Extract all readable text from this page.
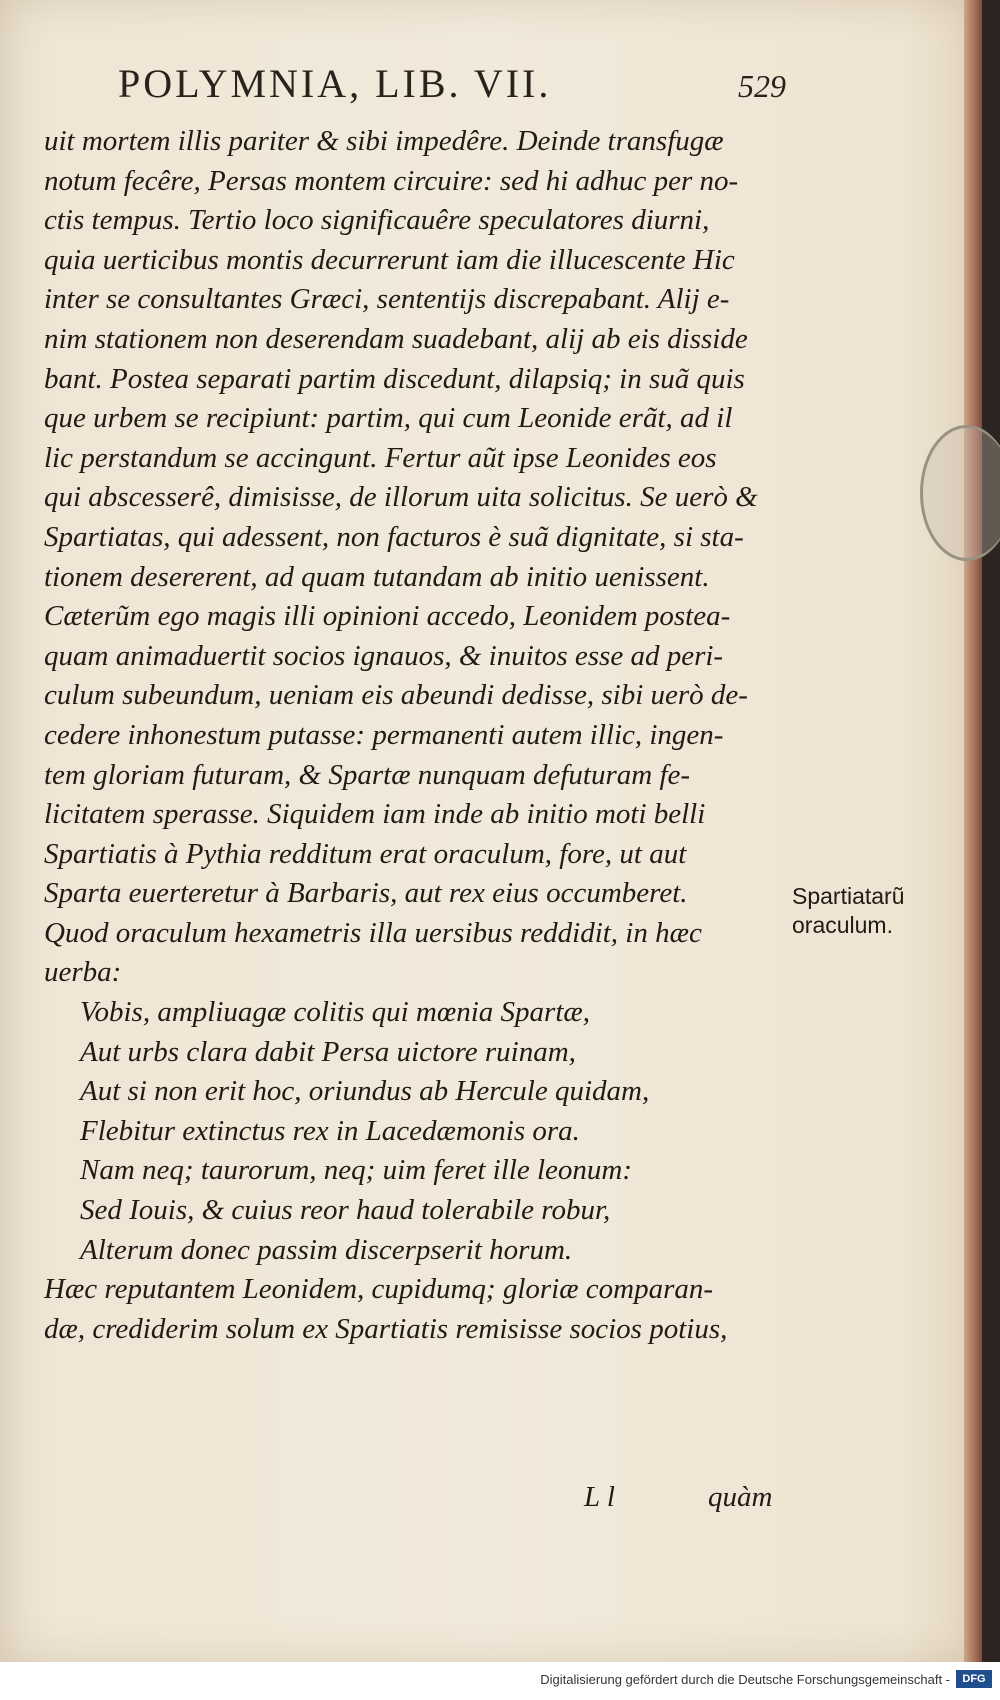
POLYMNIA, LIB. VII.	529
uit mortem illis pariter & sibi impedêre. Deinde transfugæ
notum fecêre, Persas montem circuire: sed hi adhuc per no-
ctis tempus. Tertio loco significauêre speculatores diurni,
quia uerticibus montis decurrerunt iam die illucescente Hic
inter se consultantes Græci, sententijs discrepabant. Alij e-
nim stationem non deserendam suadebant, alij ab eis disside
bant. Postea separati partim discedunt, dilapsiq; in suã quis
que urbem se recipiunt: partim, qui cum Leonide erãt, ad il
lic perstandum se accingunt. Fertur aũt ipse Leonides eos
qui abscesserê, dimisisse, de illorum uita solicitus. Se uerò &
Spartiatas, qui adessent, non facturos è suã dignitate, si sta-
tionem desererent, ad quam tutandam ab initio uenissent.
Cæterũm ego magis illi opinioni accedo, Leonidem postea-
quam animaduertit socios ignauos, & inuitos esse ad peri-
culum subeundum, ueniam eis abeundi dedisse, sibi uerò de-
cedere inhonestum putasse: permanenti autem illic, ingen-
tem gloriam futuram, & Spartæ nunquam defuturam fe-
licitatem sperasse. Siquidem iam inde ab initio moti belli
Spartiatis à Pythia redditum erat oraculum, fore, ut aut
Sparta euerteretur à Barbaris, aut rex eius occumberet.
Quod oraculum hexametris illa uersibus reddidit, in hæc
uerba:
Vobis, ampliuagæ colitis qui mœnia Spartæ,
Aut urbs clara dabit Persa uictore ruinam,
Aut si non erit hoc, oriundus ab Hercule quidam,
Flebitur extinctus rex in Lacedæmonis ora.
Nam neq; taurorum, neq; uim feret ille leonum:
Sed Iouis, & cuius reor haud tolerabile robur,
Alterum donec passim discerpserit horum.
Hæc reputantem Leonidem, cupidumq; gloriæ comparan-
dæ, crediderim solum ex Spartiatis remisisse socios potius,
L l	quàm
Spartiatarũ
oraculum.
Digitalisierung gefördert durch die Deutsche Forschungsgemeinschaft -	DFG
